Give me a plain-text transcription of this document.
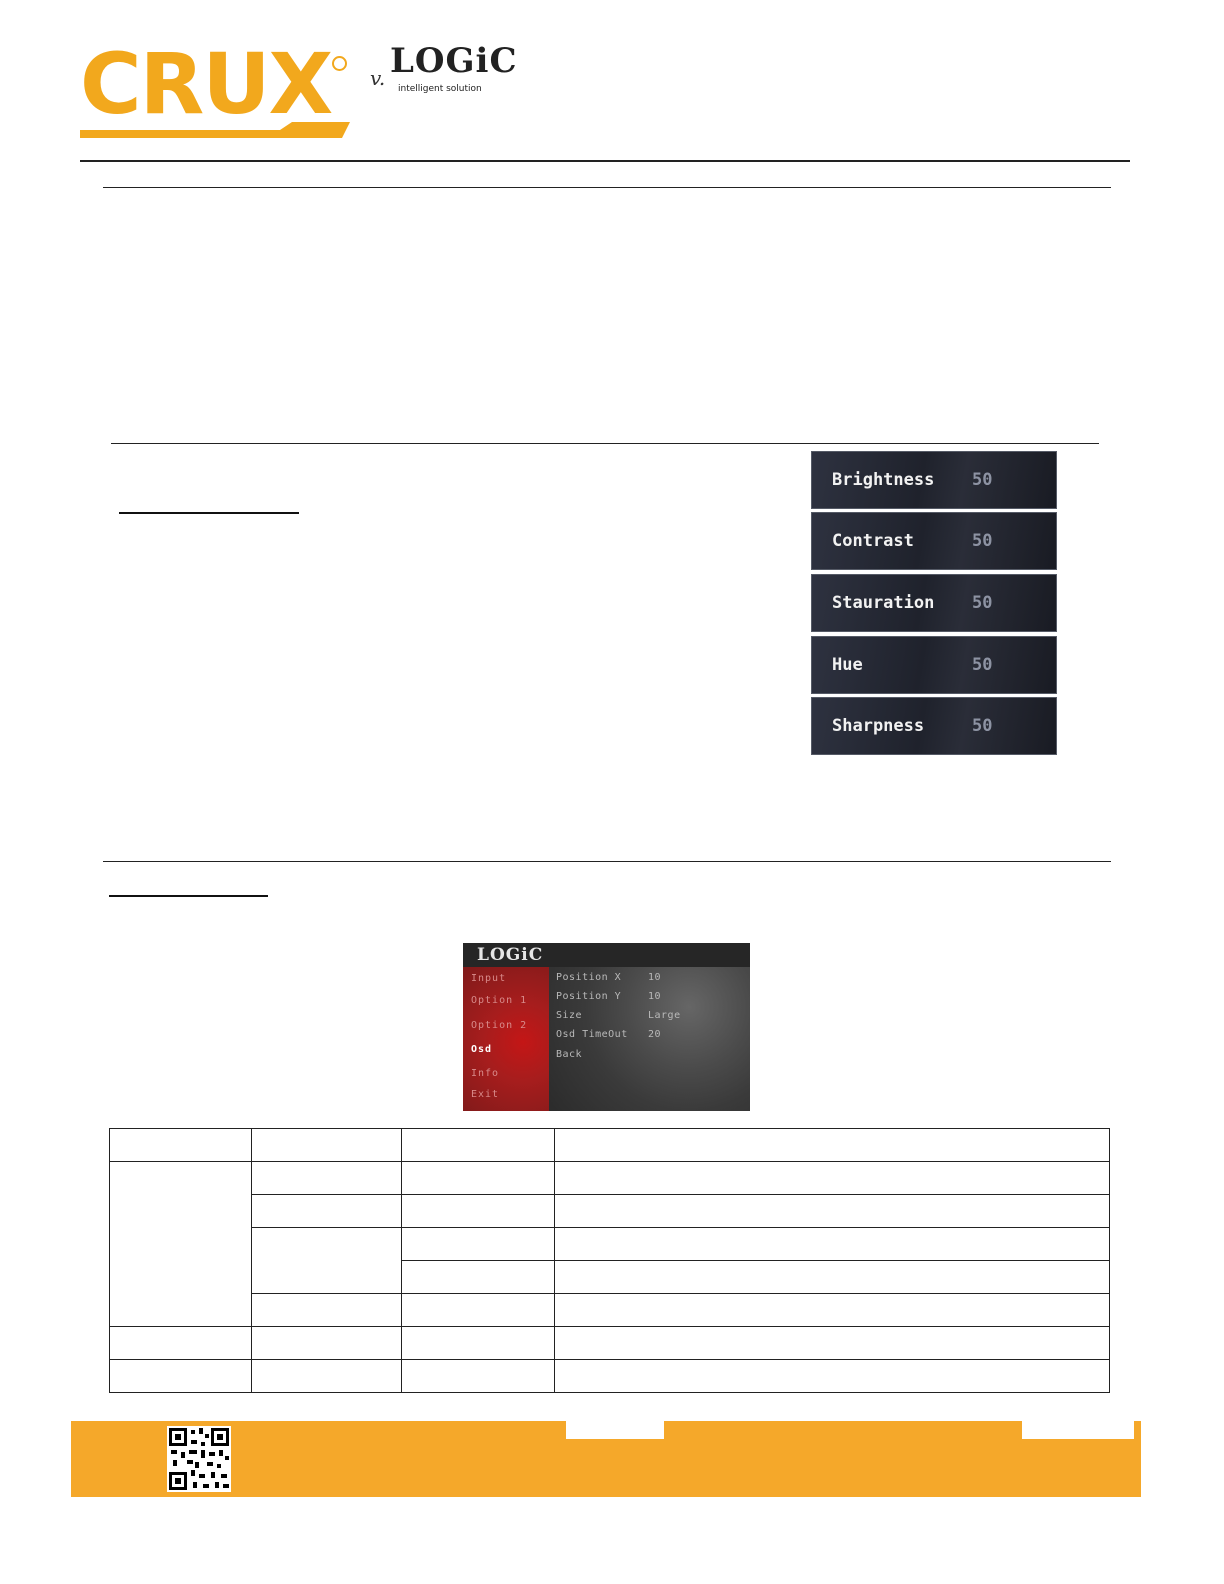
CRUX v. LOGiC
intelligent solution
Brightness 50
Contrast	50
Stauration 50
Hue	50
Sharpness	50
LOGiC
Input
Option 1
Option 2
Osd
Info
Exit
Position X	10
Position Y	10
Size	Large
Osd TimeOut 20
Back
